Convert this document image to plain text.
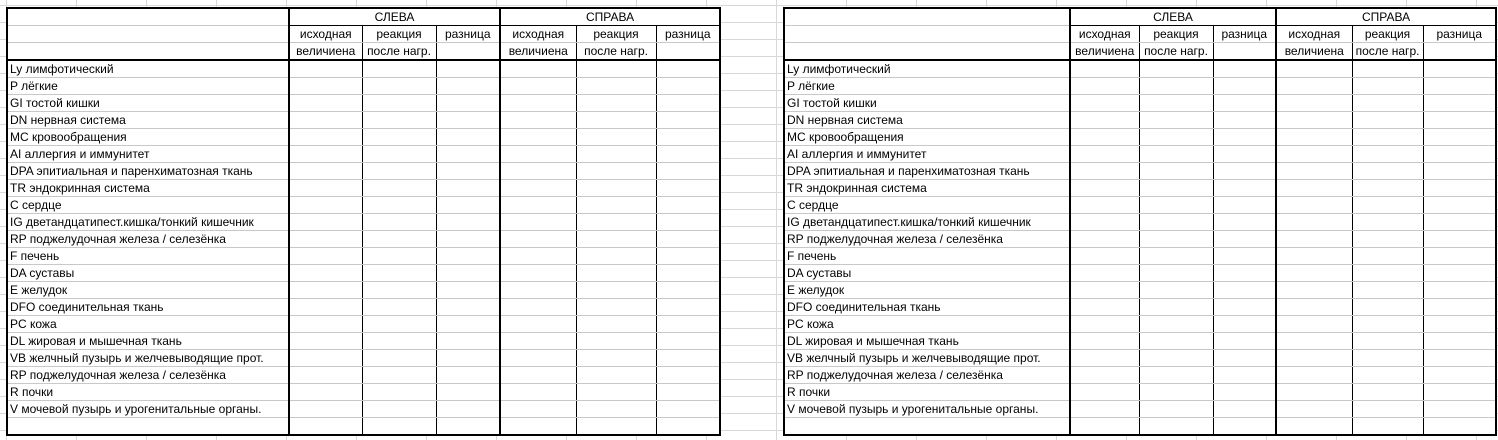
	СЛЕВА			СПРАВА		
	исходная	реакция	разница	исходная	реакция	разница
	величиена	после нагр.		величиена	после нагр.	
Ly лимфотический						
P лёгкие						
GI тостой кишки						
DN нервная система						
MC кровообращения						
AI аллергия и иммунитет						
DPA эпитиальная и паренхиматозная ткань						
TR эндокринная система						
C сердце						
IG дветандцатипест.кишка/тонкий кишечник						
RP поджелудочная железа / селезёнка						
F печень						
DA суставы						
E желудок						
DFO соединительная ткань						
PC кожа						
DL жировая и мышечная ткань						
VB желчный пузырь и желчевыводящие прот.						
RP поджелудочная железа / селезёнка						
R почки						
V мочевой пузырь и урогенитальные органы.						

	СЛЕВА			СПРАВА		
	исходная	реакция	разница	исходная	реакция	разница
	величиена	после нагр.		величиена	после нагр.	
Ly лимфотический						
P лёгкие						
GI тостой кишки						
DN нервная система						
MC кровообращения						
AI аллергия и иммунитет						
DPA эпитиальная и паренхиматозная ткань						
TR эндокринная система						
C сердце						
IG дветандцатипест.кишка/тонкий кишечник						
RP поджелудочная железа / селезёнка						
F печень						
DA суставы						
E желудок						
DFO соединительная ткань						
PC кожа						
DL жировая и мышечная ткань						
VB желчный пузырь и желчевыводящие прот.						
RP поджелудочная железа / селезёнка						
R почки						
V мочевой пузырь и урогенитальные органы.						
